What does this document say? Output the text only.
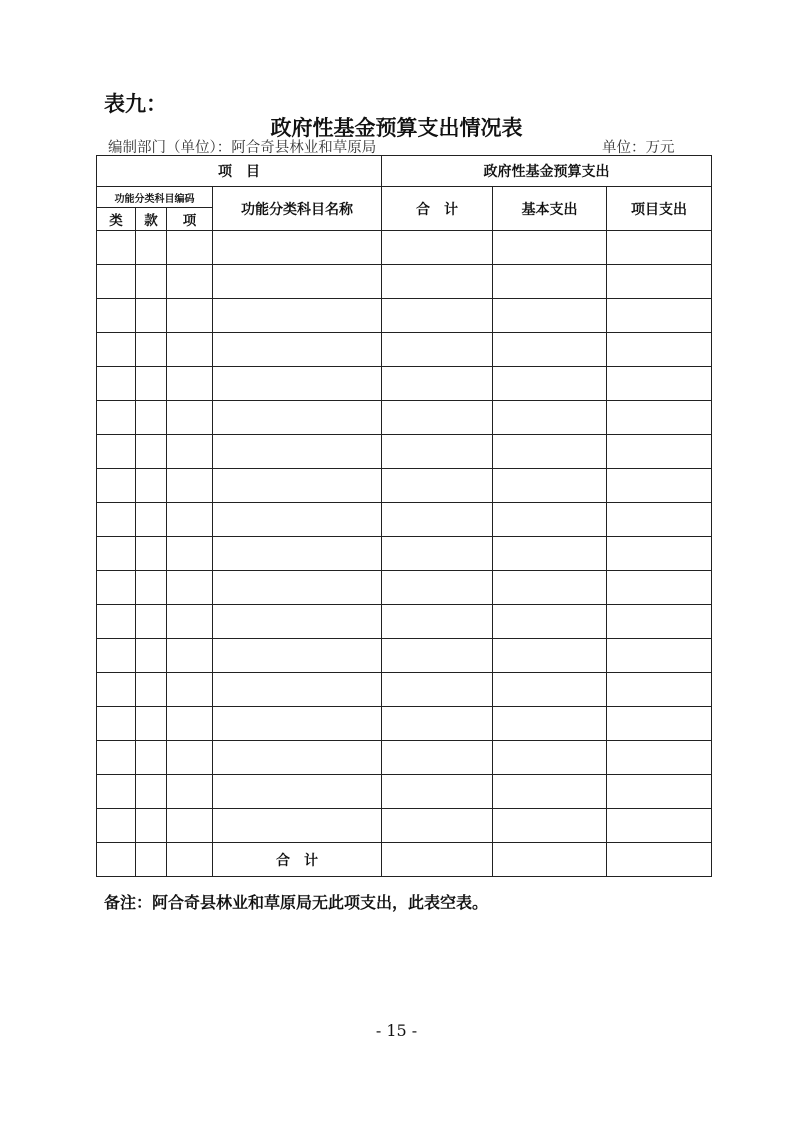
表九：
政府性基金预算支出情况表
编制部门（单位）：阿合奇县林业和草原局	单位：万元
项　目				政府性基金预算支出		
功能分类科目编码			功能分类科目名称	合　计	基本支出	项目支出
类	款	项				

			合　计			
备注：阿合奇县林业和草原局无此项支出，此表空表。
- 15 -
